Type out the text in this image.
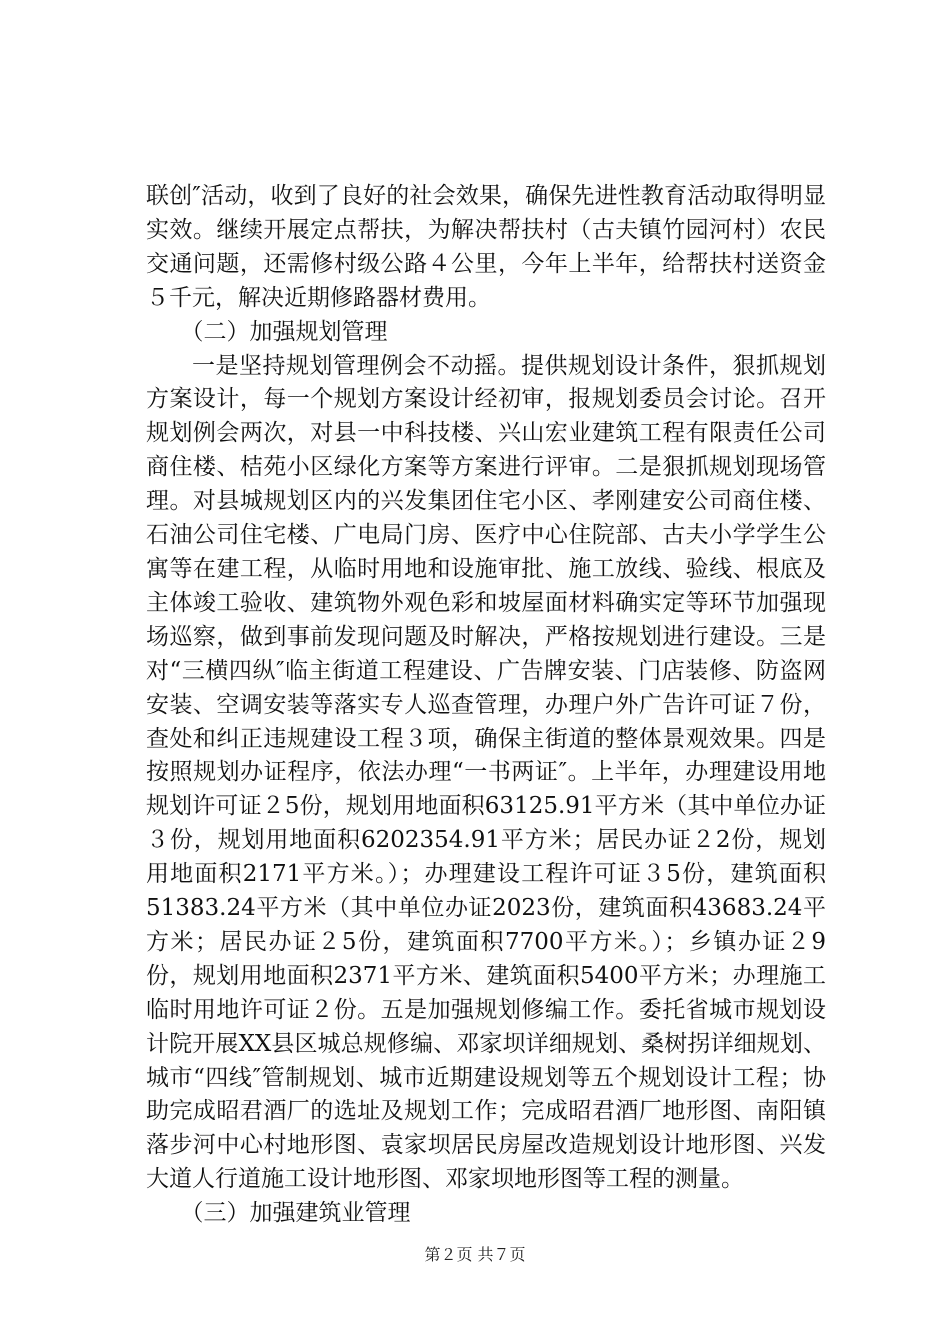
联创″活动，收到了良好的社会效果，确保先进性教育活动取得明显实效。继续开展定点帮扶，为解决帮扶村（古夫镇竹园河村）农民交通问题，还需修村级公路４公里，今年上半年，给帮扶村送资金５千元，解决近期修路器材费用。

（二）加强规划管理

一是坚持规划管理例会不动摇。提供规划设计条件，狠抓规划方案设计，每一个规划方案设计经初审，报规划委员会讨论。召开规划例会两次，对县一中科技楼、兴山宏业建筑工程有限责任公司商住楼、桔苑小区绿化方案等方案进行评审。二是狠抓规划现场管理。对县城规划区内的兴发集团住宅小区、孝刚建安公司商住楼、石油公司住宅楼、广电局门房、医疗中心住院部、古夫小学学生公寓等在建工程，从临时用地和设施审批、施工放线、验线、根底及主体竣工验收、建筑物外观色彩和坡屋面材料确实定等环节加强现场巡察，做到事前发现问题及时解决，严格按规划进行建设。三是对“三横四纵″临主街道工程建设、广告牌安装、门店装修、防盗网安装、空调安装等落实专人巡查管理，办理户外广告许可证７份，查处和纠正违规建设工程３项，确保主街道的整体景观效果。四是按照规划办证程序，依法办理“一书两证″。上半年，办理建设用地规划许可证２5份，规划用地面积63125.91平方米（其中单位办证３份，规划用地面积6202354.91平方米；居民办证２2份，规划用地面积2171平方米。）；办理建设工程许可证３5份，建筑面积51383.24平方米（其中单位办证2023份，建筑面积43683.24平方米；居民办证２5份，建筑面积7700平方米。）；乡镇办证２9份，规划用地面积2371平方米、建筑面积5400平方米；办理施工临时用地许可证２份。五是加强规划修编工作。委托省城市规划设计院开展XX县区城总规修编、邓家坝详细规划、桑树拐详细规划、城市“四线″管制规划、城市近期建设规划等五个规划设计工程；协助完成昭君酒厂的选址及规划工作；完成昭君酒厂地形图、南阳镇落步河中心村地形图、袁家坝居民房屋改造规划设计地形图、兴发大道人行道施工设计地形图、邓家坝地形图等工程的测量。

（三）加强建筑业管理

第２页 共７页
